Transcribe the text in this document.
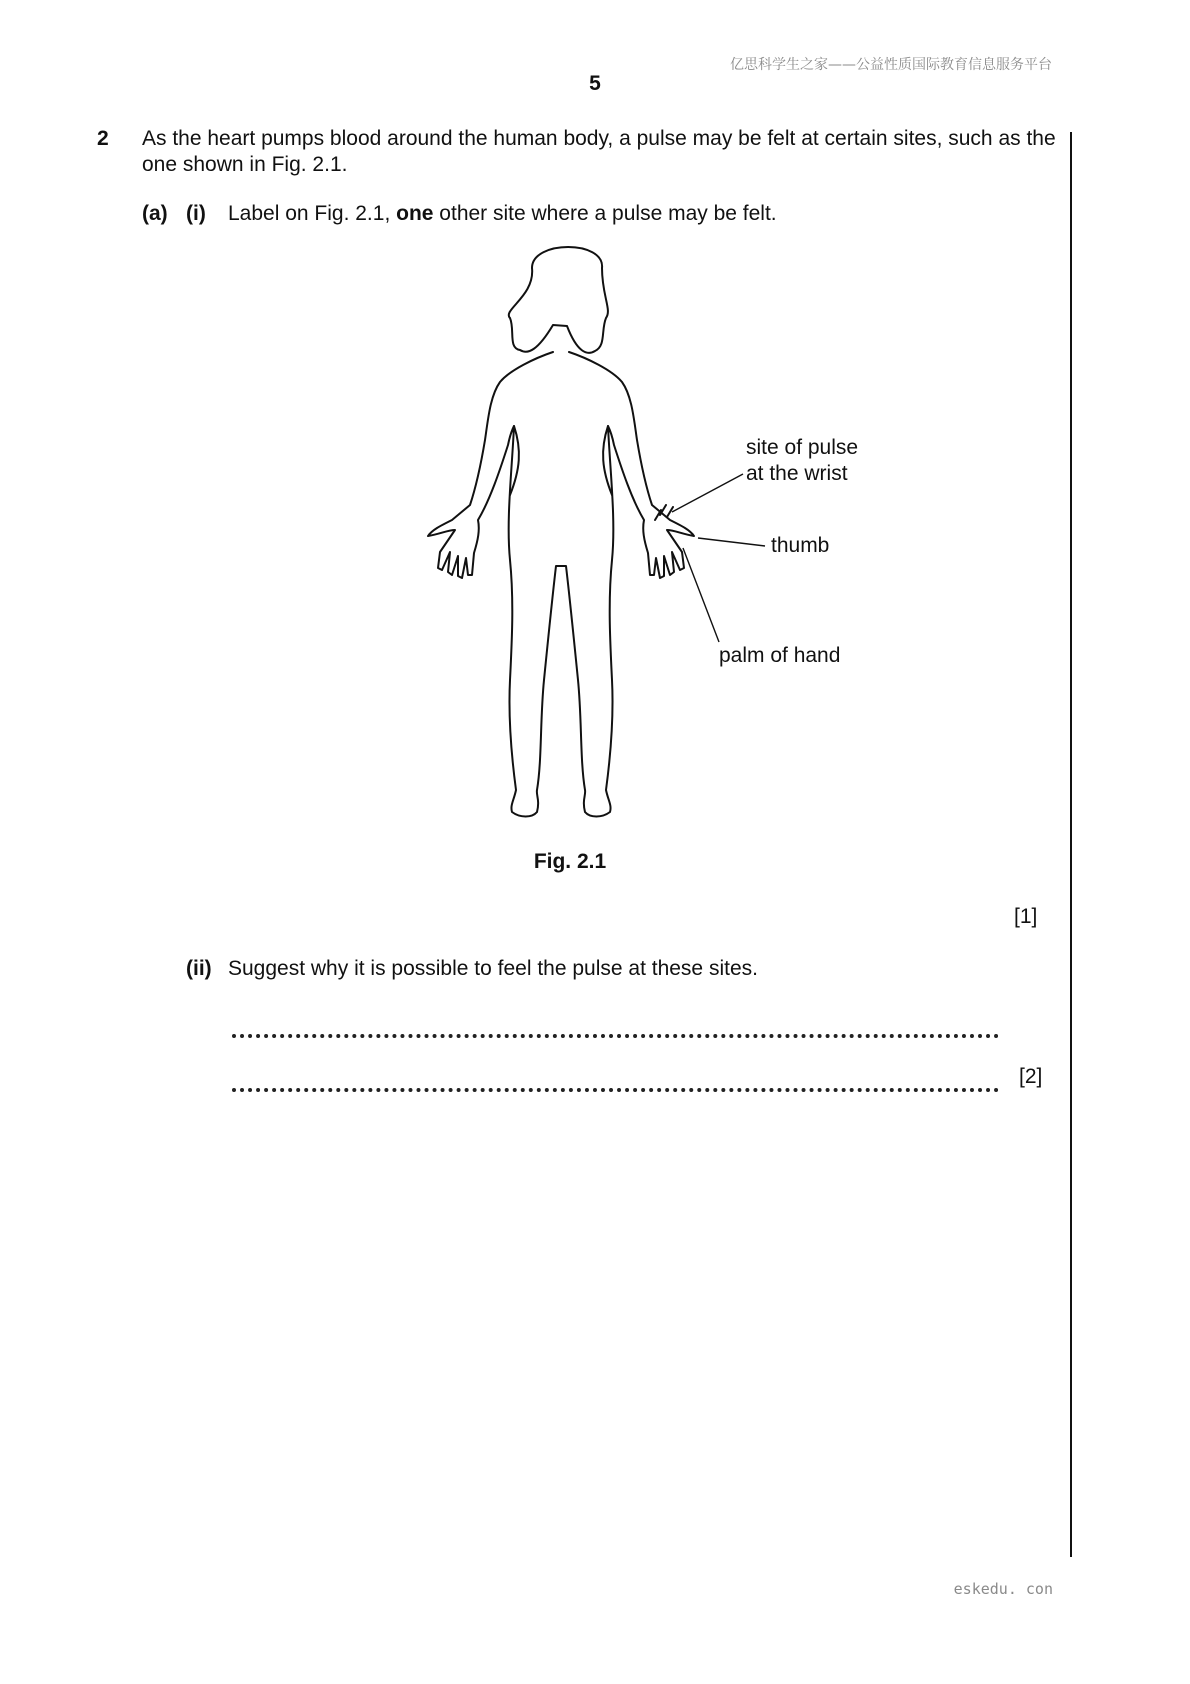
亿思科学生之家——公益性质国际教育信息服务平台
5
2 As the heart pumps blood around the human body, a pulse may be felt at certain sites, such as the one shown in Fig. 2.1.
(a) (i) Label on Fig. 2.1, one other site where a pulse may be felt.
site of pulse
at the wrist
thumb
palm of hand
Fig. 2.1
[1]
(ii) Suggest why it is possible to feel the pulse at these sites.
[2]
eskedu. con
